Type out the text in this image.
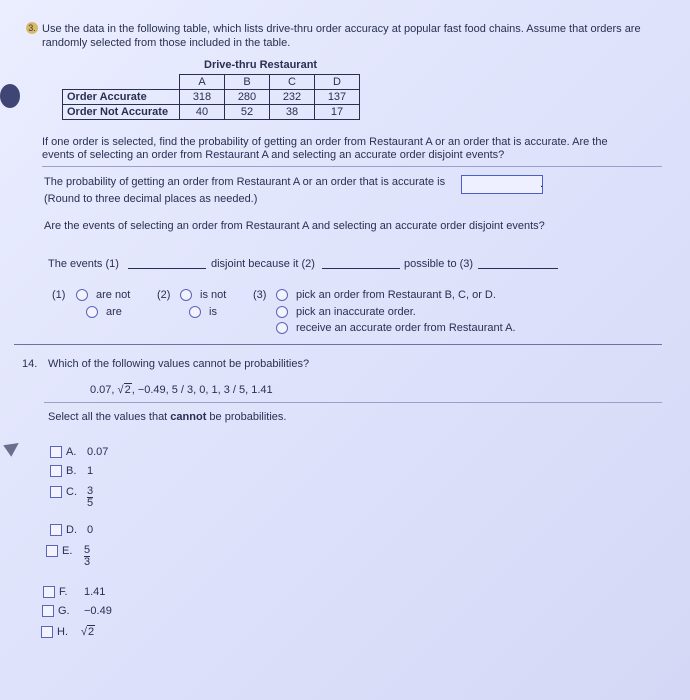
3. Use the data in the following table, which lists drive-thru order accuracy at popular fast food chains. Assume that orders are randomly selected from those included in the table.
Drive-thru Restaurant
	A	B	C	D
Order Accurate	318	280	232	137
Order Not Accurate	40	52	38	17
If one order is selected, find the probability of getting an order from Restaurant A or an order that is accurate. Are the events of selecting an order from Restaurant A and selecting an accurate order disjoint events?
The probability of getting an order from Restaurant A or an order that is accurate is	.
(Round to three decimal places as needed.)
Are the events of selecting an order from Restaurant A and selecting an accurate order disjoint events?
The events (1)	disjoint because it (2)	possible to (3)
(1)	are not
are
(2)	is not
is
(3)	pick an order from Restaurant B, C, or D.
pick an inaccurate order.
receive an accurate order from Restaurant A.
14. Which of the following values cannot be probabilities?
0.07, √2, −0.49, 5 / 3, 0, 1, 3 / 5, 1.41
Select all the values that cannot be probabilities.
A. 0.07
B. 1
C. $\frac{3}{5}$
D. 0
E. $\frac{5}{3}$
F. 1.41
G. −0.49
H. √2
